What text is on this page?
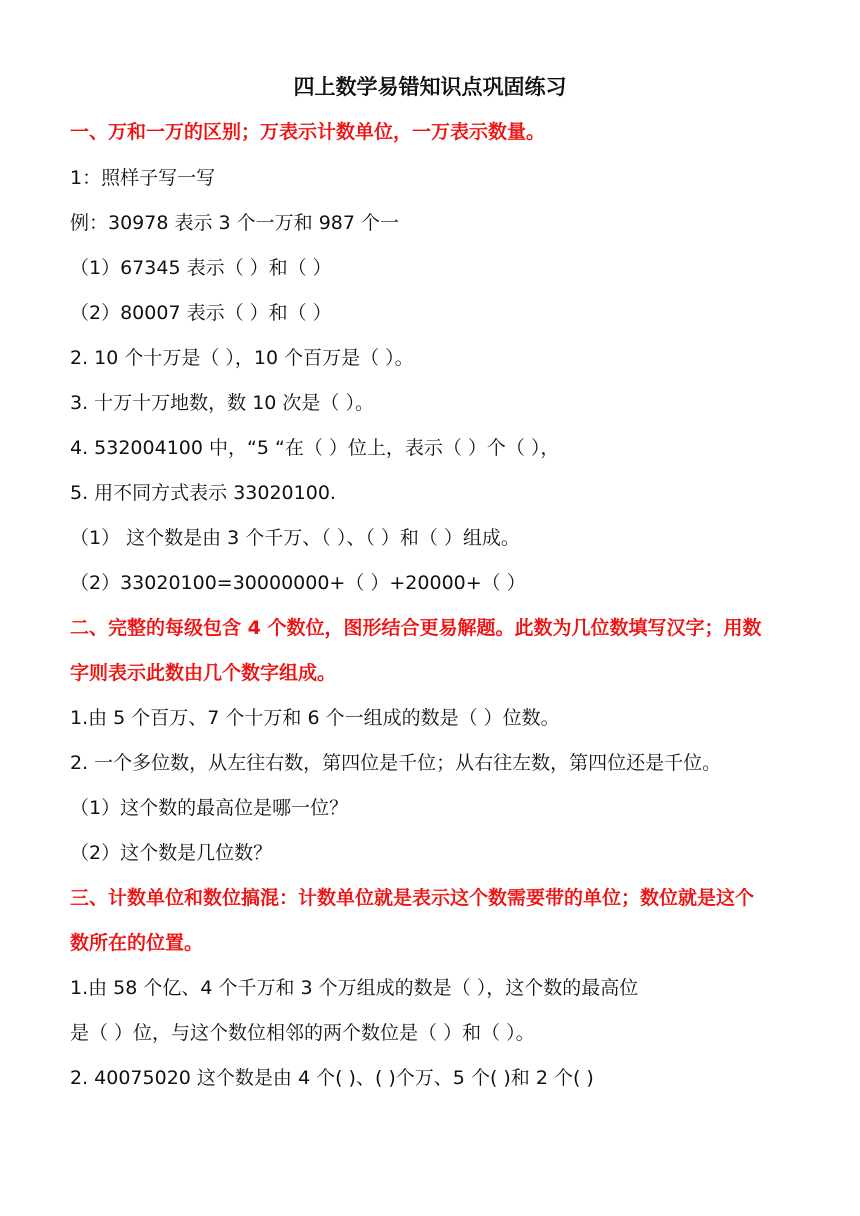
四上数学易错知识点巩固练习
一、万和一万的区别；万表示计数单位，一万表示数量。
1：照样子写一写
例：30978 表示 3 个一万和 987 个一
（1）67345 表示（ ）和（ ）
（2）80007 表示（ ）和（ ）
2. 10 个十万是（ ），10 个百万是（ ）。
3. 十万十万地数，数 10 次是（ ）。
4. 532004100 中，“5 “在（ ）位上，表示（ ）个（ ），
5. 用不同方式表示 33020100.
（1） 这个数是由 3 个千万、（ ）、（ ）和（ ）组成。
（2）33020100=30000000+（ ）+20000+（ ）
二、完整的每级包含 4 个数位，图形结合更易解题。此数为几位数填写汉字；用数
字则表示此数由几个数字组成。
1.由 5 个百万、7 个十万和 6 个一组成的数是（ ）位数。
2. 一个多位数，从左往右数，第四位是千位；从右往左数，第四位还是千位。
（1）这个数的最高位是哪一位？
（2）这个数是几位数？
三、计数单位和数位搞混：计数单位就是表示这个数需要带的单位；数位就是这个
数所在的位置。
1.由 58 个亿、4 个千万和 3 个万组成的数是（ ），这个数的最高位
是（ ）位，与这个数位相邻的两个数位是（ ）和（ ）。
2. 40075020 这个数是由 4 个( )、( )个万、5 个( )和 2 个( )
